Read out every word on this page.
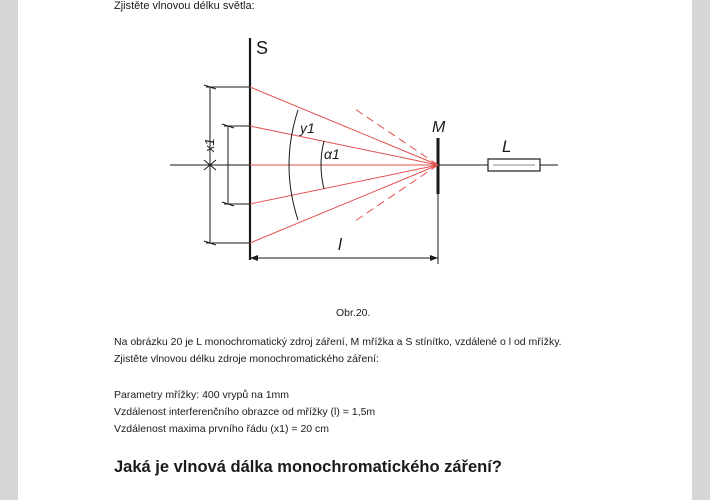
Zjistěte vlnovou délku světla:
S
M
L
y1
α1
x1
l
Obr.20.
Na obrázku 20 je L monochromatický zdroj záření, M mřížka a S stínítko, vzdálené o l od mřížky.
Zjistěte vlnovou délku zdroje monochromatického záření:
Parametry mřížky: 400 vrypů na 1mm
Vzdálenost interferenčního obrazce od mřížky (l) = 1,5m
Vzdálenost maxima prvního řádu (x1) = 20 cm
Jaká je vlnová dálka monochromatického záření?
